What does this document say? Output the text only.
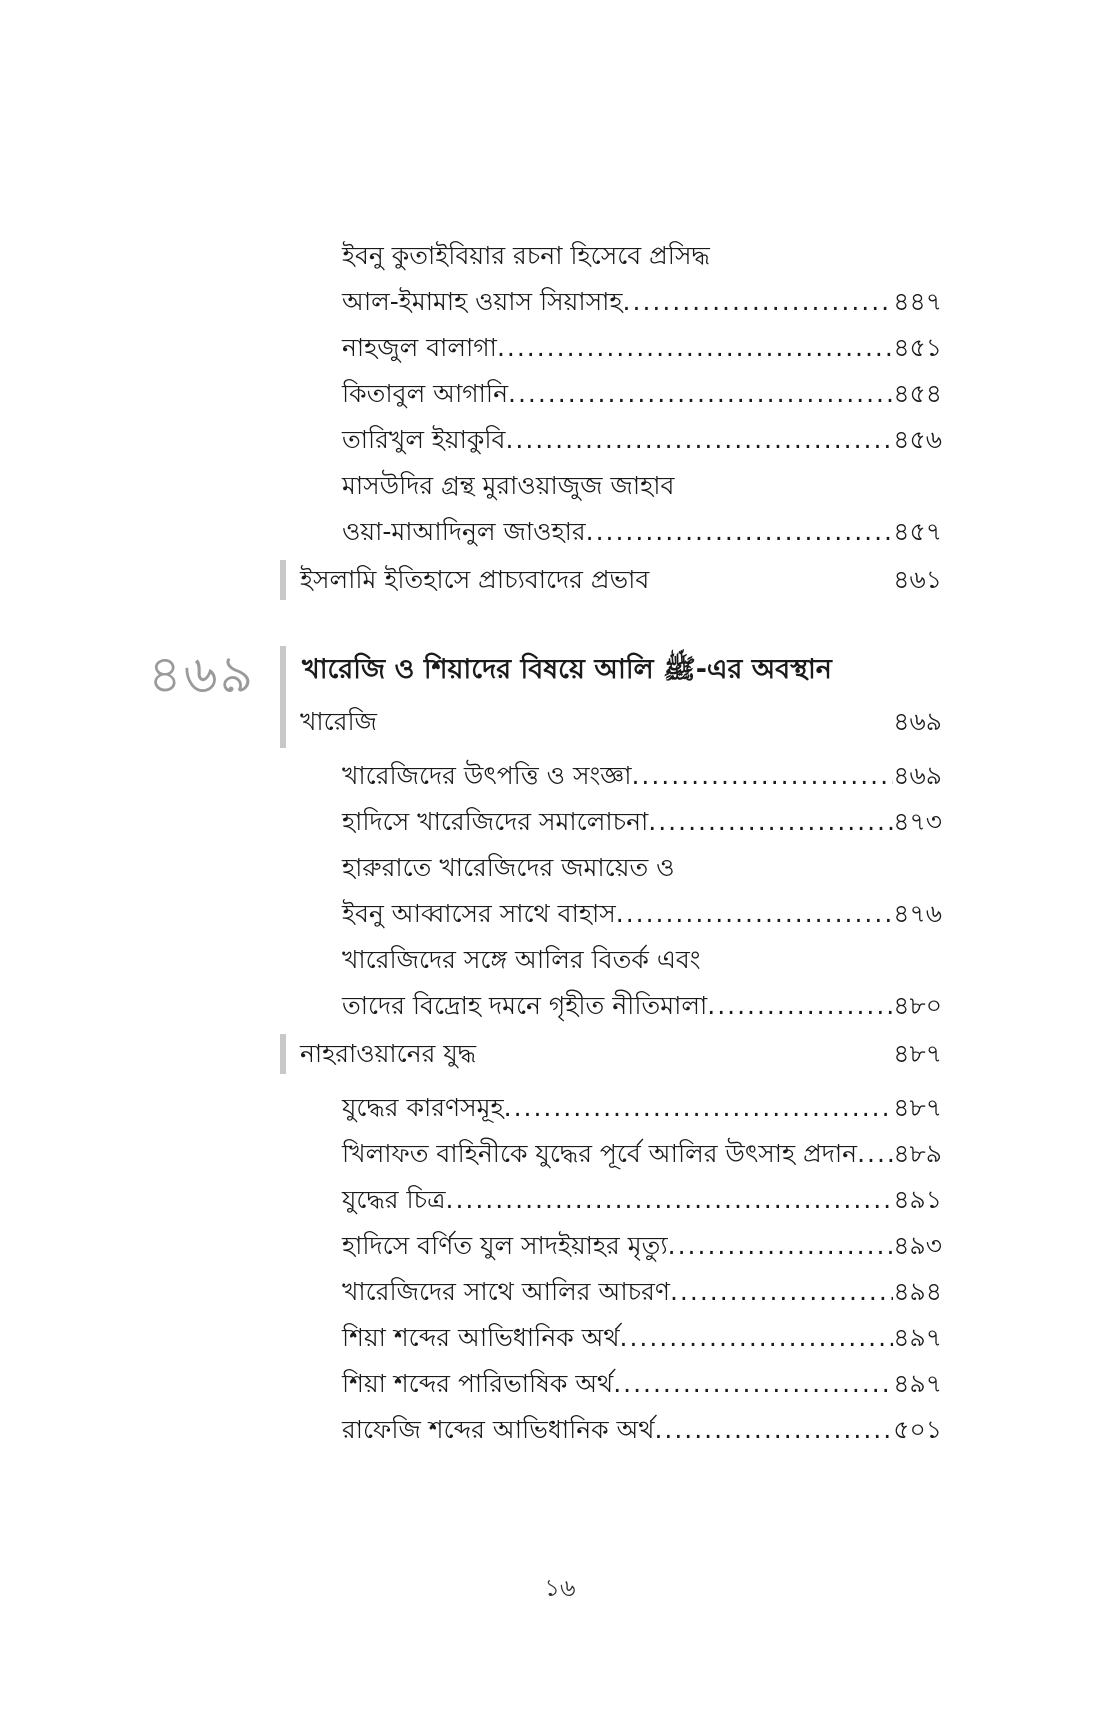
ইবনু কুতাইবিয়ার রচনা হিসেবে প্রসিদ্ধ
আল-ইমামাহ ওয়াস সিয়াসাহ .....	৪৪৭
নাহজুল বালাগা .....	৪৫১
কিতাবুল আগানি .....	৪৫৪
তারিখুল ইয়াকুবি .....	৪৫৬
মাসউদির গ্রন্থ মুরাওয়াজুজ জাহাব
ওয়া-মাআদিনুল জাওহার .....	৪৫৭
ইসলামি ইতিহাসে প্রাচ্যবাদের প্রভাব	৪৬১
৪৬৯ খারেজি ও শিয়াদের বিষয়ে আলি ﷺ-এর অবস্থান
খারেজি	৪৬৯
খারেজিদের উৎপত্তি ও সংজ্ঞা .....	৪৬৯
হাদিসে খারেজিদের সমালোচনা .....	৪৭৩
হারুরাতে খারেজিদের জমায়েত ও
ইবনু আব্বাসের সাথে বাহাস .....	৪৭৬
খারেজিদের সঙ্গে আলির বিতর্ক এবং
তাদের বিদ্রোহ দমনে গৃহীত নীতিমালা .....	৪৮০
নাহরাওয়ানের যুদ্ধ	৪৮৭
যুদ্ধের কারণসমূহ .....	৪৮৭
খিলাফত বাহিনীকে যুদ্ধের পূর্বে আলির উৎসাহ প্রদান ..... ৪৮৯
যুদ্ধের চিত্র .....	৪৯১
হাদিসে বর্ণিত যুল সাদইয়াহর মৃত্যু .....	৪৯৩
খারেজিদের সাথে আলির আচরণ .....	৪৯৪
শিয়া শব্দের আভিধানিক অর্থ .....	৪৯৭
শিয়া শব্দের পারিভাষিক অর্থ .....	৪৯৭
রাফেজি শব্দের আভিধানিক অর্থ .....	৫০১
১৬
